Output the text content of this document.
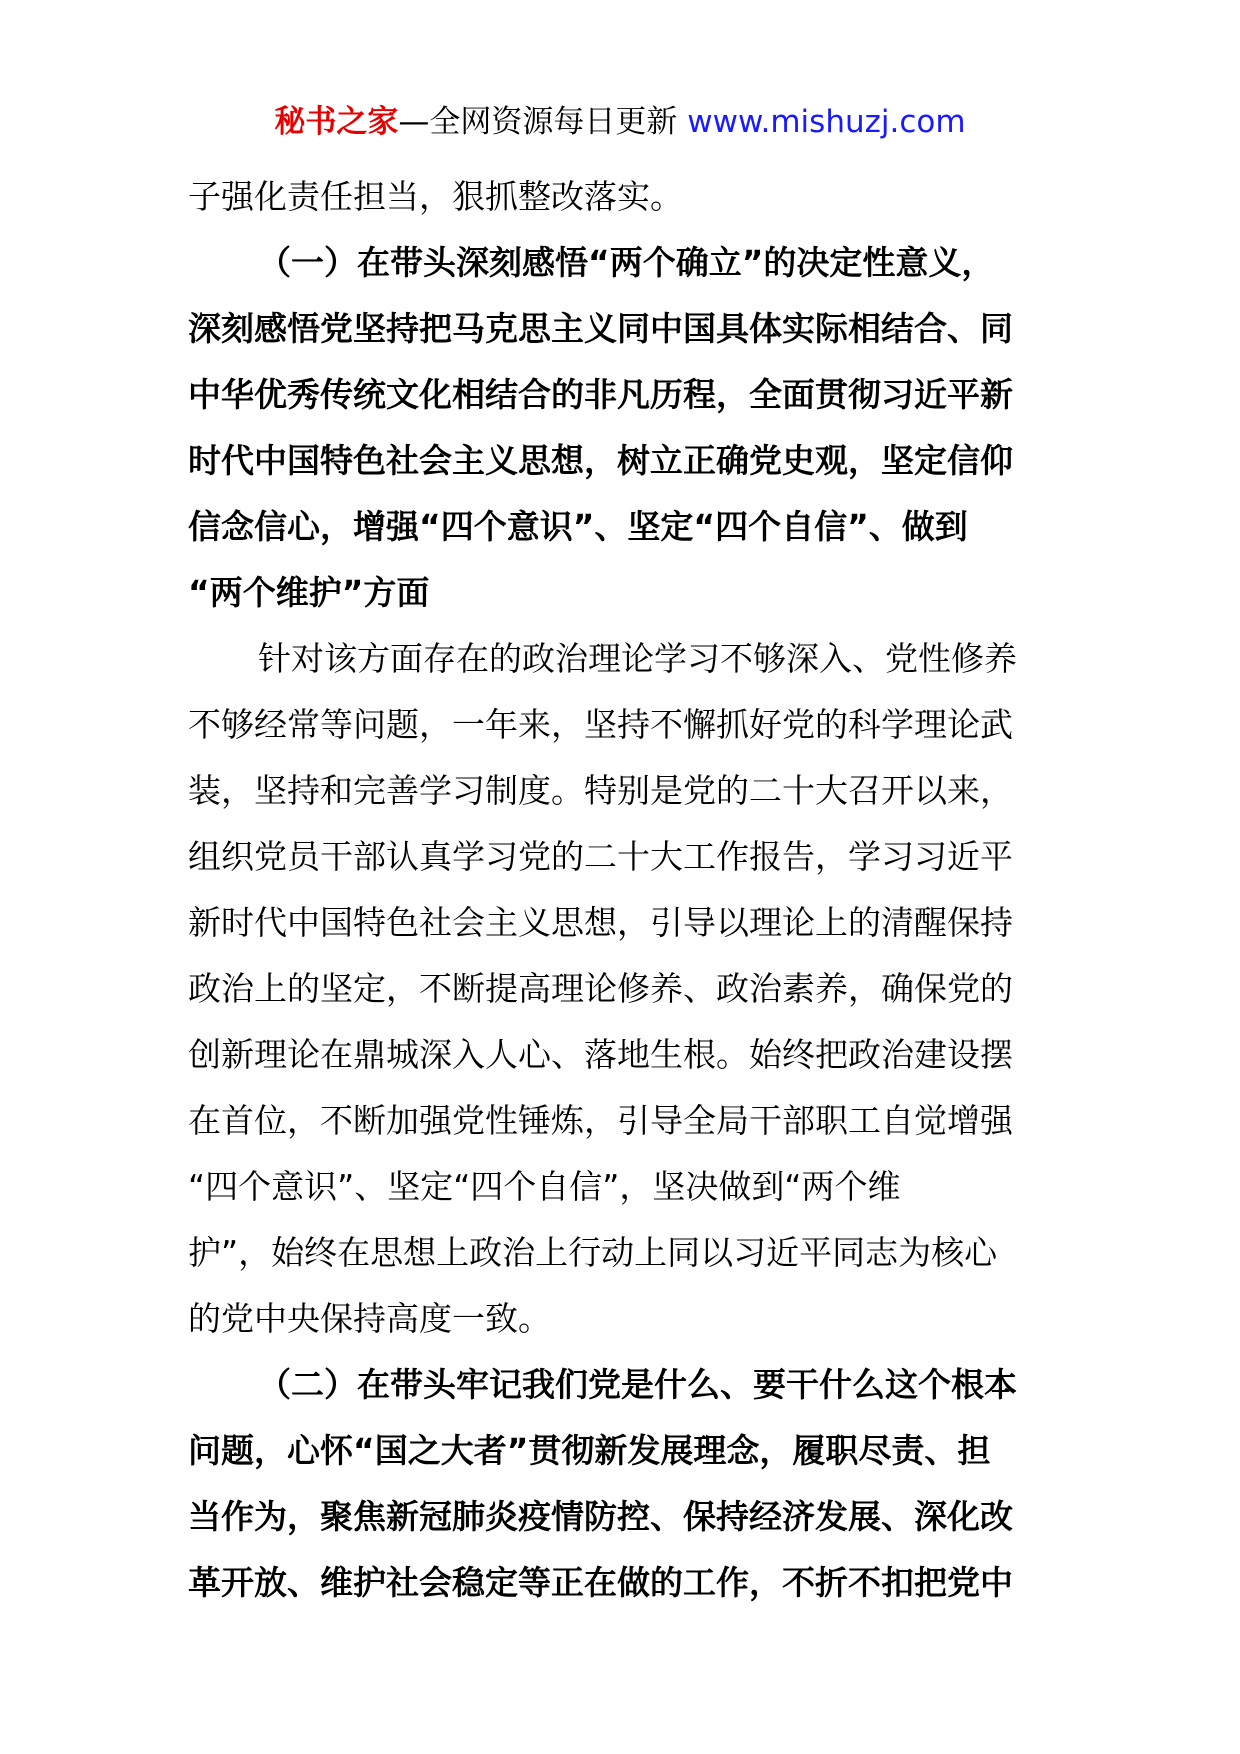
秘书之家—全网资源每日更新 www.mishuzj.com
子强化责任担当，狠抓整改落实。
（一）在带头深刻感悟“两个确立”的决定性意义，
深刻感悟党坚持把马克思主义同中国具体实际相结合、同
中华优秀传统文化相结合的非凡历程，全面贯彻习近平新
时代中国特色社会主义思想，树立正确党史观，坚定信仰
信念信心，增强“四个意识”、坚定“四个自信”、做到
“两个维护”方面
针对该方面存在的政治理论学习不够深入、党性修养
不够经常等问题，一年来，坚持不懈抓好党的科学理论武
装，坚持和完善学习制度。特别是党的二十大召开以来，
组织党员干部认真学习党的二十大工作报告，学习习近平
新时代中国特色社会主义思想，引导以理论上的清醒保持
政治上的坚定，不断提高理论修养、政治素养，确保党的
创新理论在鼎城深入人心、落地生根。始终把政治建设摆
在首位，不断加强党性锤炼，引导全局干部职工自觉增强
“四个意识”、坚定“四个自信”，坚决做到“两个维
护”，始终在思想上政治上行动上同以习近平同志为核心
的党中央保持高度一致。
（二）在带头牢记我们党是什么、要干什么这个根本
问题，心怀“国之大者”贯彻新发展理念，履职尽责、担
当作为，聚焦新冠肺炎疫情防控、保持经济发展、深化改
革开放、维护社会稳定等正在做的工作，不折不扣把党中
